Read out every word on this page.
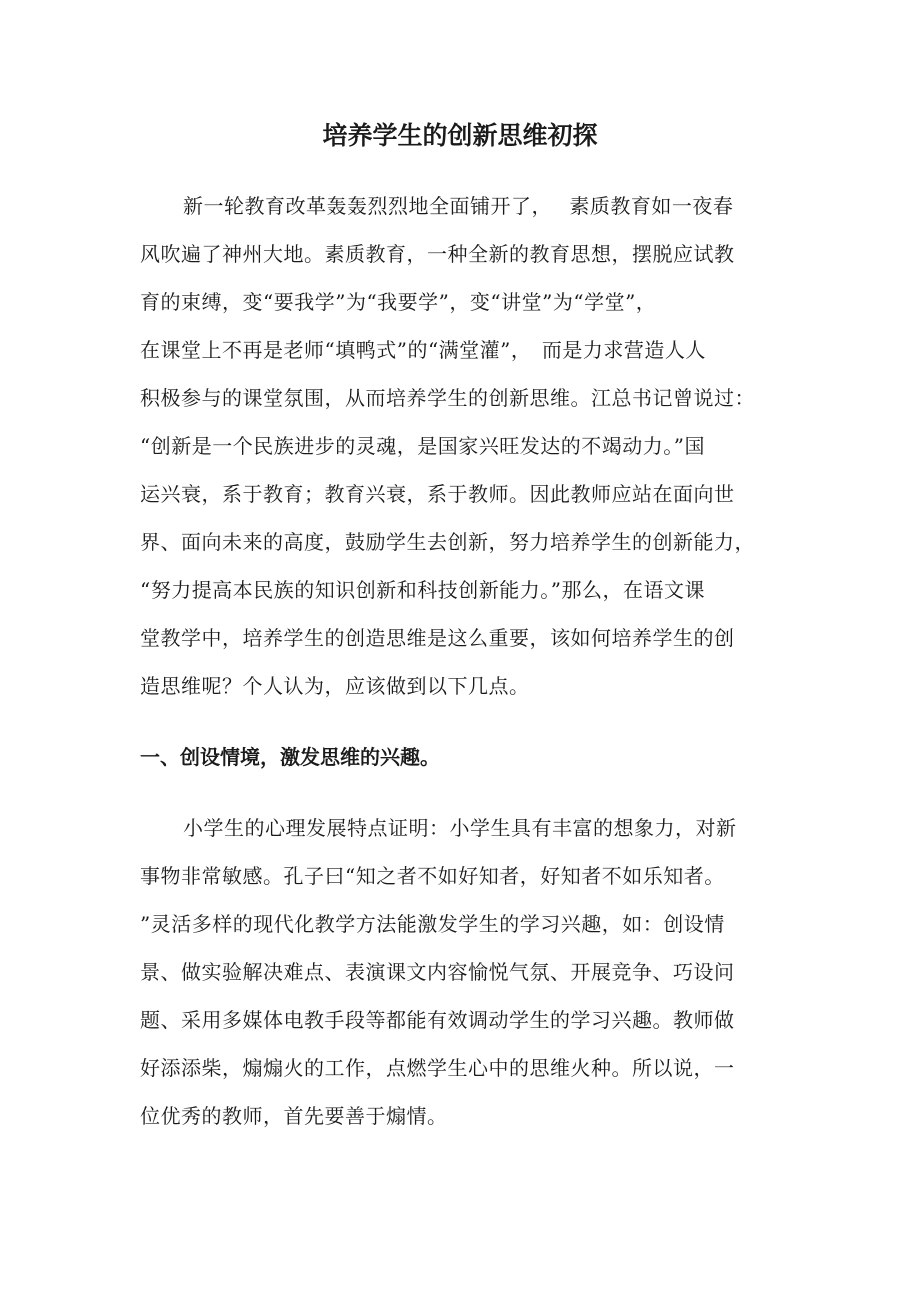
培养学生的创新思维初探
新一轮教育改革轰轰烈烈地全面铺开了，　 素质教育如一夜春
风吹遍了神州大地。素质教育，一种全新的教育思想，摆脱应试教
育的束缚，变“要我学”为“我要学”，变“讲堂”为“学堂”，
在课堂上不再是老师“填鸭式”的“满堂灌”，　而是力求营造人人
积极参与的课堂氛围，从而培养学生的创新思维。江总书记曾说过：
“创新是一个民族进步的灵魂，是国家兴旺发达的不竭动力。”国
运兴衰，系于教育；教育兴衰，系于教师。因此教师应站在面向世
界、面向未来的高度，鼓励学生去创新，努力培养学生的创新能力，
“努力提高本民族的知识创新和科技创新能力。”那么，在语文课
堂教学中，培养学生的创造思维是这么重要，该如何培养学生的创
造思维呢？个人认为，应该做到以下几点。
一、创设情境，激发思维的兴趣。
小学生的心理发展特点证明：小学生具有丰富的想象力，对新
事物非常敏感。孔子曰“知之者不如好知者，好知者不如乐知者。
”灵活多样的现代化教学方法能激发学生的学习兴趣，如：创设情
景、做实验解决难点、表演课文内容愉悦气氛、开展竞争、巧设问
题、采用多媒体电教手段等都能有效调动学生的学习兴趣。教师做
好添添柴，煽煽火的工作，点燃学生心中的思维火种。所以说，一
位优秀的教师，首先要善于煽情。
